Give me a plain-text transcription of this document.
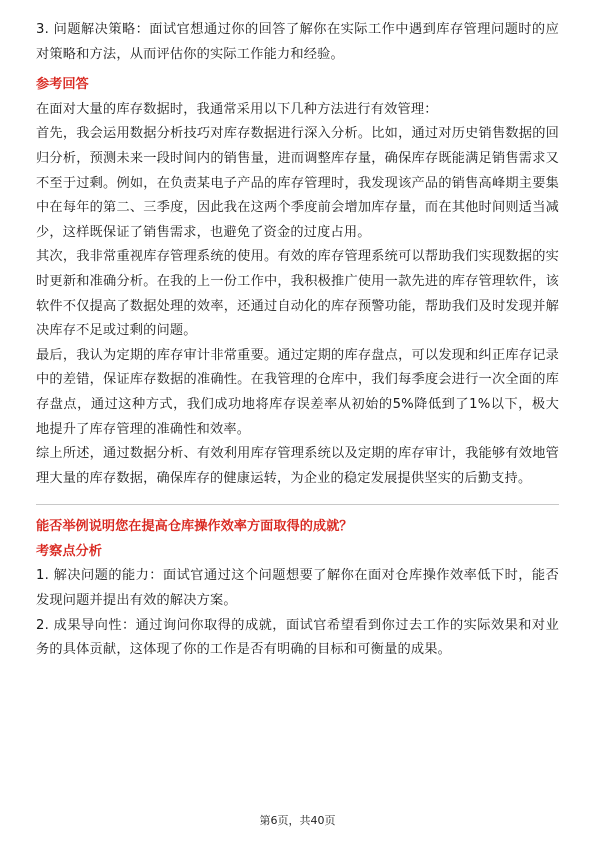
3. 问题解决策略：面试官想通过你的回答了解你在实际工作中遇到库存管理问题时的应对策略和方法，从而评估你的实际工作能力和经验。

参考回答

在面对大量的库存数据时，我通常采用以下几种方法进行有效管理：

首先，我会运用数据分析技巧对库存数据进行深入分析。比如，通过对历史销售数据的回归分析，预测未来一段时间内的销售量，进而调整库存量，确保库存既能满足销售需求又不至于过剩。例如，在负责某电子产品的库存管理时，我发现该产品的销售高峰期主要集中在每年的第二、三季度，因此我在这两个季度前会增加库存量，而在其他时间则适当减少，这样既保证了销售需求，也避免了资金的过度占用。

其次，我非常重视库存管理系统的使用。有效的库存管理系统可以帮助我们实现数据的实时更新和准确分析。在我的上一份工作中，我积极推广使用一款先进的库存管理软件，该软件不仅提高了数据处理的效率，还通过自动化的库存预警功能，帮助我们及时发现并解决库存不足或过剩的问题。

最后，我认为定期的库存审计非常重要。通过定期的库存盘点，可以发现和纠正库存记录中的差错，保证库存数据的准确性。在我管理的仓库中，我们每季度会进行一次全面的库存盘点，通过这种方式，我们成功地将库存误差率从初始的5%降低到了1%以下，极大地提升了库存管理的准确性和效率。

综上所述，通过数据分析、有效利用库存管理系统以及定期的库存审计，我能够有效地管理大量的库存数据，确保库存的健康运转，为企业的稳定发展提供坚实的后勤支持。

能否举例说明您在提高仓库操作效率方面取得的成就？

考察点分析

1. 解决问题的能力：面试官通过这个问题想要了解你在面对仓库操作效率低下时，能否发现问题并提出有效的解决方案。

2. 成果导向性：通过询问你取得的成就，面试官希望看到你过去工作的实际效果和对业务的具体贡献，这体现了你的工作是否有明确的目标和可衡量的成果。

第6页，共40页
